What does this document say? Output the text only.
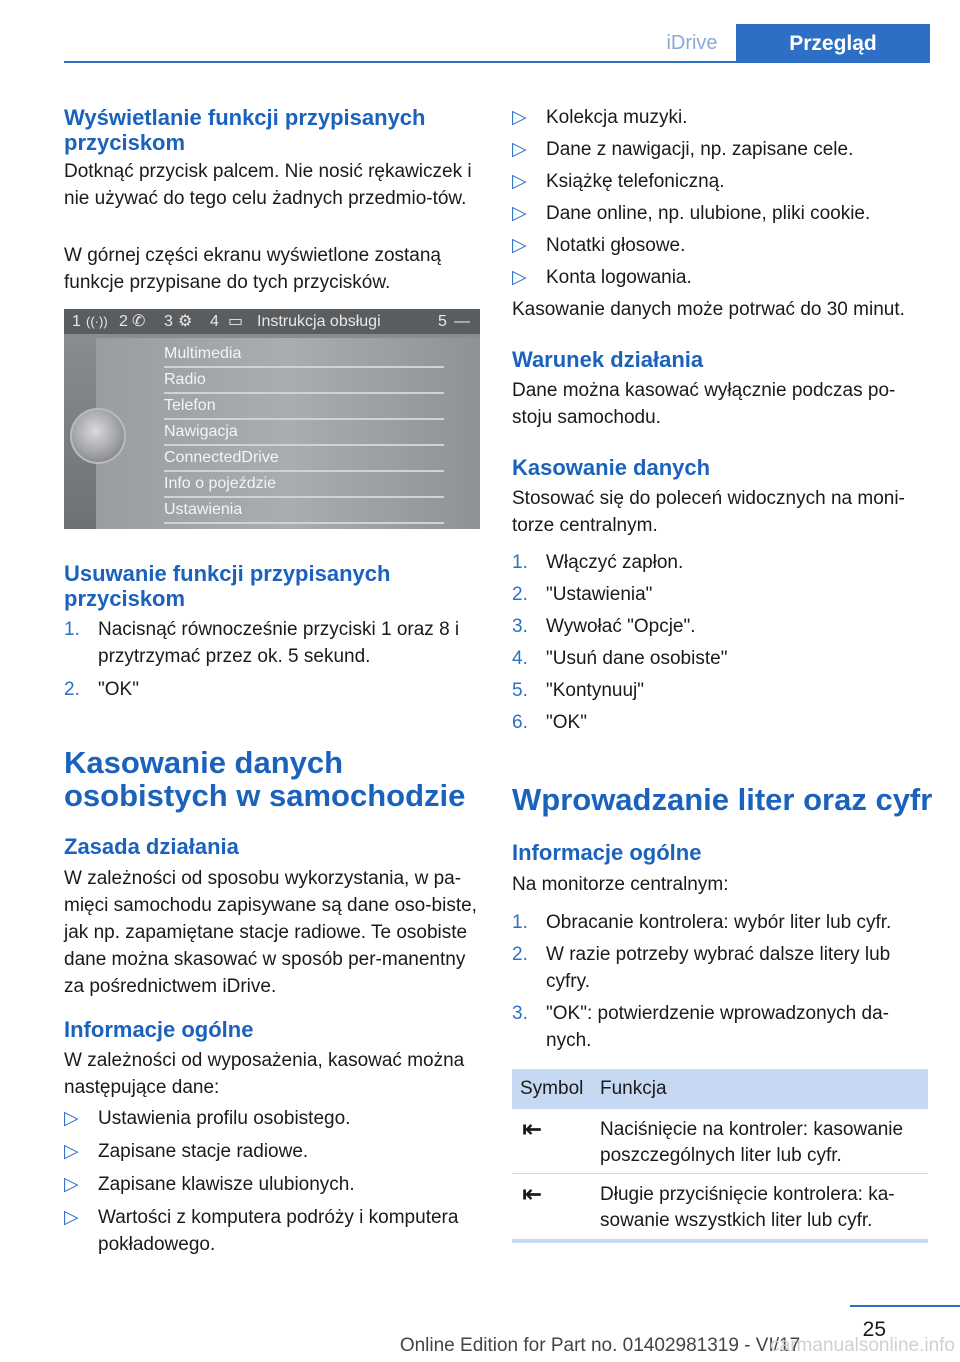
iDrive	Przegląd
Wyświetlanie funkcji przypisanych przyciskom

Dotknąć przycisk palcem. Nie nosić rękawiczek i nie używać do tego celu żadnych przedmio‐tów.

W górnej części ekranu wyświetlone zostaną funkcje przypisane do tych przycisków.

1 ((·)) 2 ✆ 3 ⚙ 4 ▭ Instrukcja obsługi	5 —
Multimedia
Radio
Telefon
Nawigacja
ConnectedDrive
Info o pojeździe
Ustawienia
Usuwanie funkcji przypisanych przyciskom
1. Nacisnąć równocześnie przyciski 1 oraz 8 i przytrzymać przez ok. 5 sekund.
2. "OK"
Kasowanie danych osobistych w samochodzie
Zasada działania

W zależności od sposobu wykorzystania, w pa‐mięci samochodu zapisywane są dane oso‐biste, jak np. zapamiętane stacje radiowe. Te osobiste dane można skasować w sposób per‐manentny za pośrednictwem iDrive.

Informacje ogólne

W zależności od wyposażenia, kasować można następujące dane:

▷ Ustawienia profilu osobistego.
▷ Zapisane stacje radiowe.
▷ Zapisane klawisze ulubionych.
▷ Wartości z komputera podróży i komputera pokładowego.
▷ Kolekcja muzyki.
▷ Dane z nawigacji, np. zapisane cele.
▷ Książkę telefoniczną.
▷ Dane online, np. ulubione, pliki cookie.
▷ Notatki głosowe.
▷ Konta logowania.

Kasowanie danych może potrwać do 30 minut.

Warunek działania

Dane można kasować wyłącznie podczas po‐stoju samochodu.

Kasowanie danych

Stosować się do poleceń widocznych na moni‐torze centralnym.

1. Włączyć zapłon.
2. "Ustawienia"
3. Wywołać "Opcje".
4. "Usuń dane osobiste"
5. "Kontynuuj"
6. "OK"
Wprowadzanie liter oraz cyfr
Informacje ogólne

Na monitorze centralnym:

1. Obracanie kontrolera: wybór liter lub cyfr.
2. W razie potrzeby wybrać dalsze litery lub cyfry.
3. "OK": potwierdzenie wprowadzonych da‐nych.
Symbol Funkcja
⇤	Naciśnięcie na kontroler: kasowanie poszczególnych liter lub cyfr.
⇤	Długie przyciśnięcie kontrolera: ka‐sowanie wszystkich liter lub cyfr.
25
Online Edition for Part no. 01402981319 - VI/17
carmanualsonline.info
